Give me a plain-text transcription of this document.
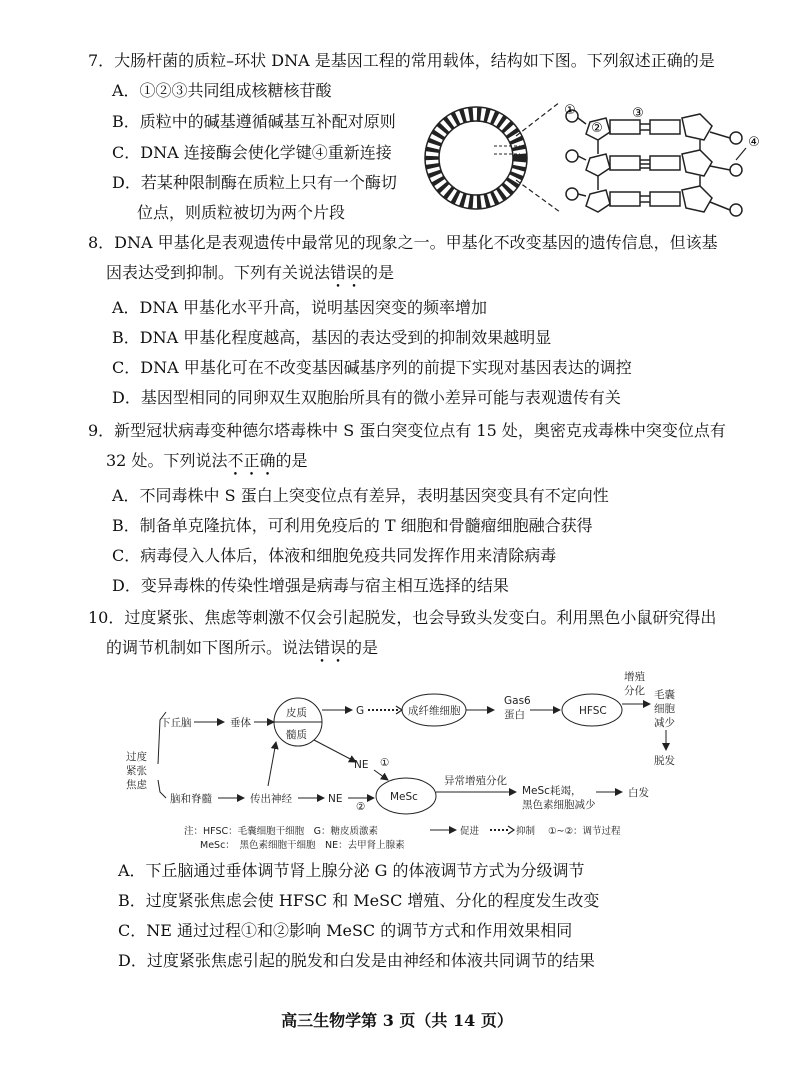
7．大肠杆菌的质粒–环状 DNA 是基因工程的常用载体，结构如下图。下列叙述正确的是
A．①②③共同组成核糖核苷酸
B．质粒中的碱基遵循碱基互补配对原则
C．DNA 连接酶会使化学键④重新连接
D．若某种限制酶在质粒上只有一个酶切
位点，则质粒被切为两个片段
①
②
③
④
8．DNA 甲基化是表观遗传中最常见的现象之一。甲基化不改变基因的遗传信息，但该基
因表达受到抑制。下列有关说法错误的是
A．DNA 甲基化水平升高，说明基因突变的频率增加
B．DNA 甲基化程度越高，基因的表达受到的抑制效果越明显
C．DNA 甲基化可在不改变基因碱基序列的前提下实现对基因表达的调控
D．基因型相同的同卵双生双胞胎所具有的微小差异可能与表观遗传有关
9．新型冠状病毒变种德尔塔毒株中 S 蛋白突变位点有 15 处，奥密克戎毒株中突变位点有
32 处。下列说法不正确的是
A．不同毒株中 S 蛋白上突变位点有差异，表明基因突变具有不定向性
B．制备单克隆抗体，可利用免疫后的 T 细胞和骨髓瘤细胞融合获得
C．病毒侵入人体后，体液和细胞免疫共同发挥作用来清除病毒
D．变异毒株的传染性增强是病毒与宿主相互选择的结果
10．过度紧张、焦虑等刺激不仅会引起脱发，也会导致头发变白。利用黑色小鼠研究得出
的调节机制如下图所示。说法错误的是
过度
紧张
焦虑
下丘脑	垂体
皮质
髓质
G	成纤维细胞
Gas6
蛋白	HFSC
增殖
分化 毛囊
细胞
减少
脱发
NE ①
脑和脊髓	传出神经	NE
②
MeSc
异常增殖分化
MeSc耗竭，
黑色素细胞减少
白发
注：HFSC：毛囊细胞干细胞　G：糖皮质激素	促进	抑制 ①~②：调节过程
MeSc：　黑色素细胞干细胞　NE：去甲肾上腺素
A．下丘脑通过垂体调节肾上腺分泌 G 的体液调节方式为分级调节
B．过度紧张焦虑会使 HFSC 和 MeSC 增殖、分化的程度发生改变
C．NE 通过过程①和②影响 MeSC 的调节方式和作用效果相同
D．过度紧张焦虑引起的脱发和白发是由神经和体液共同调节的结果
高三生物学第 3 页（共 14 页）
